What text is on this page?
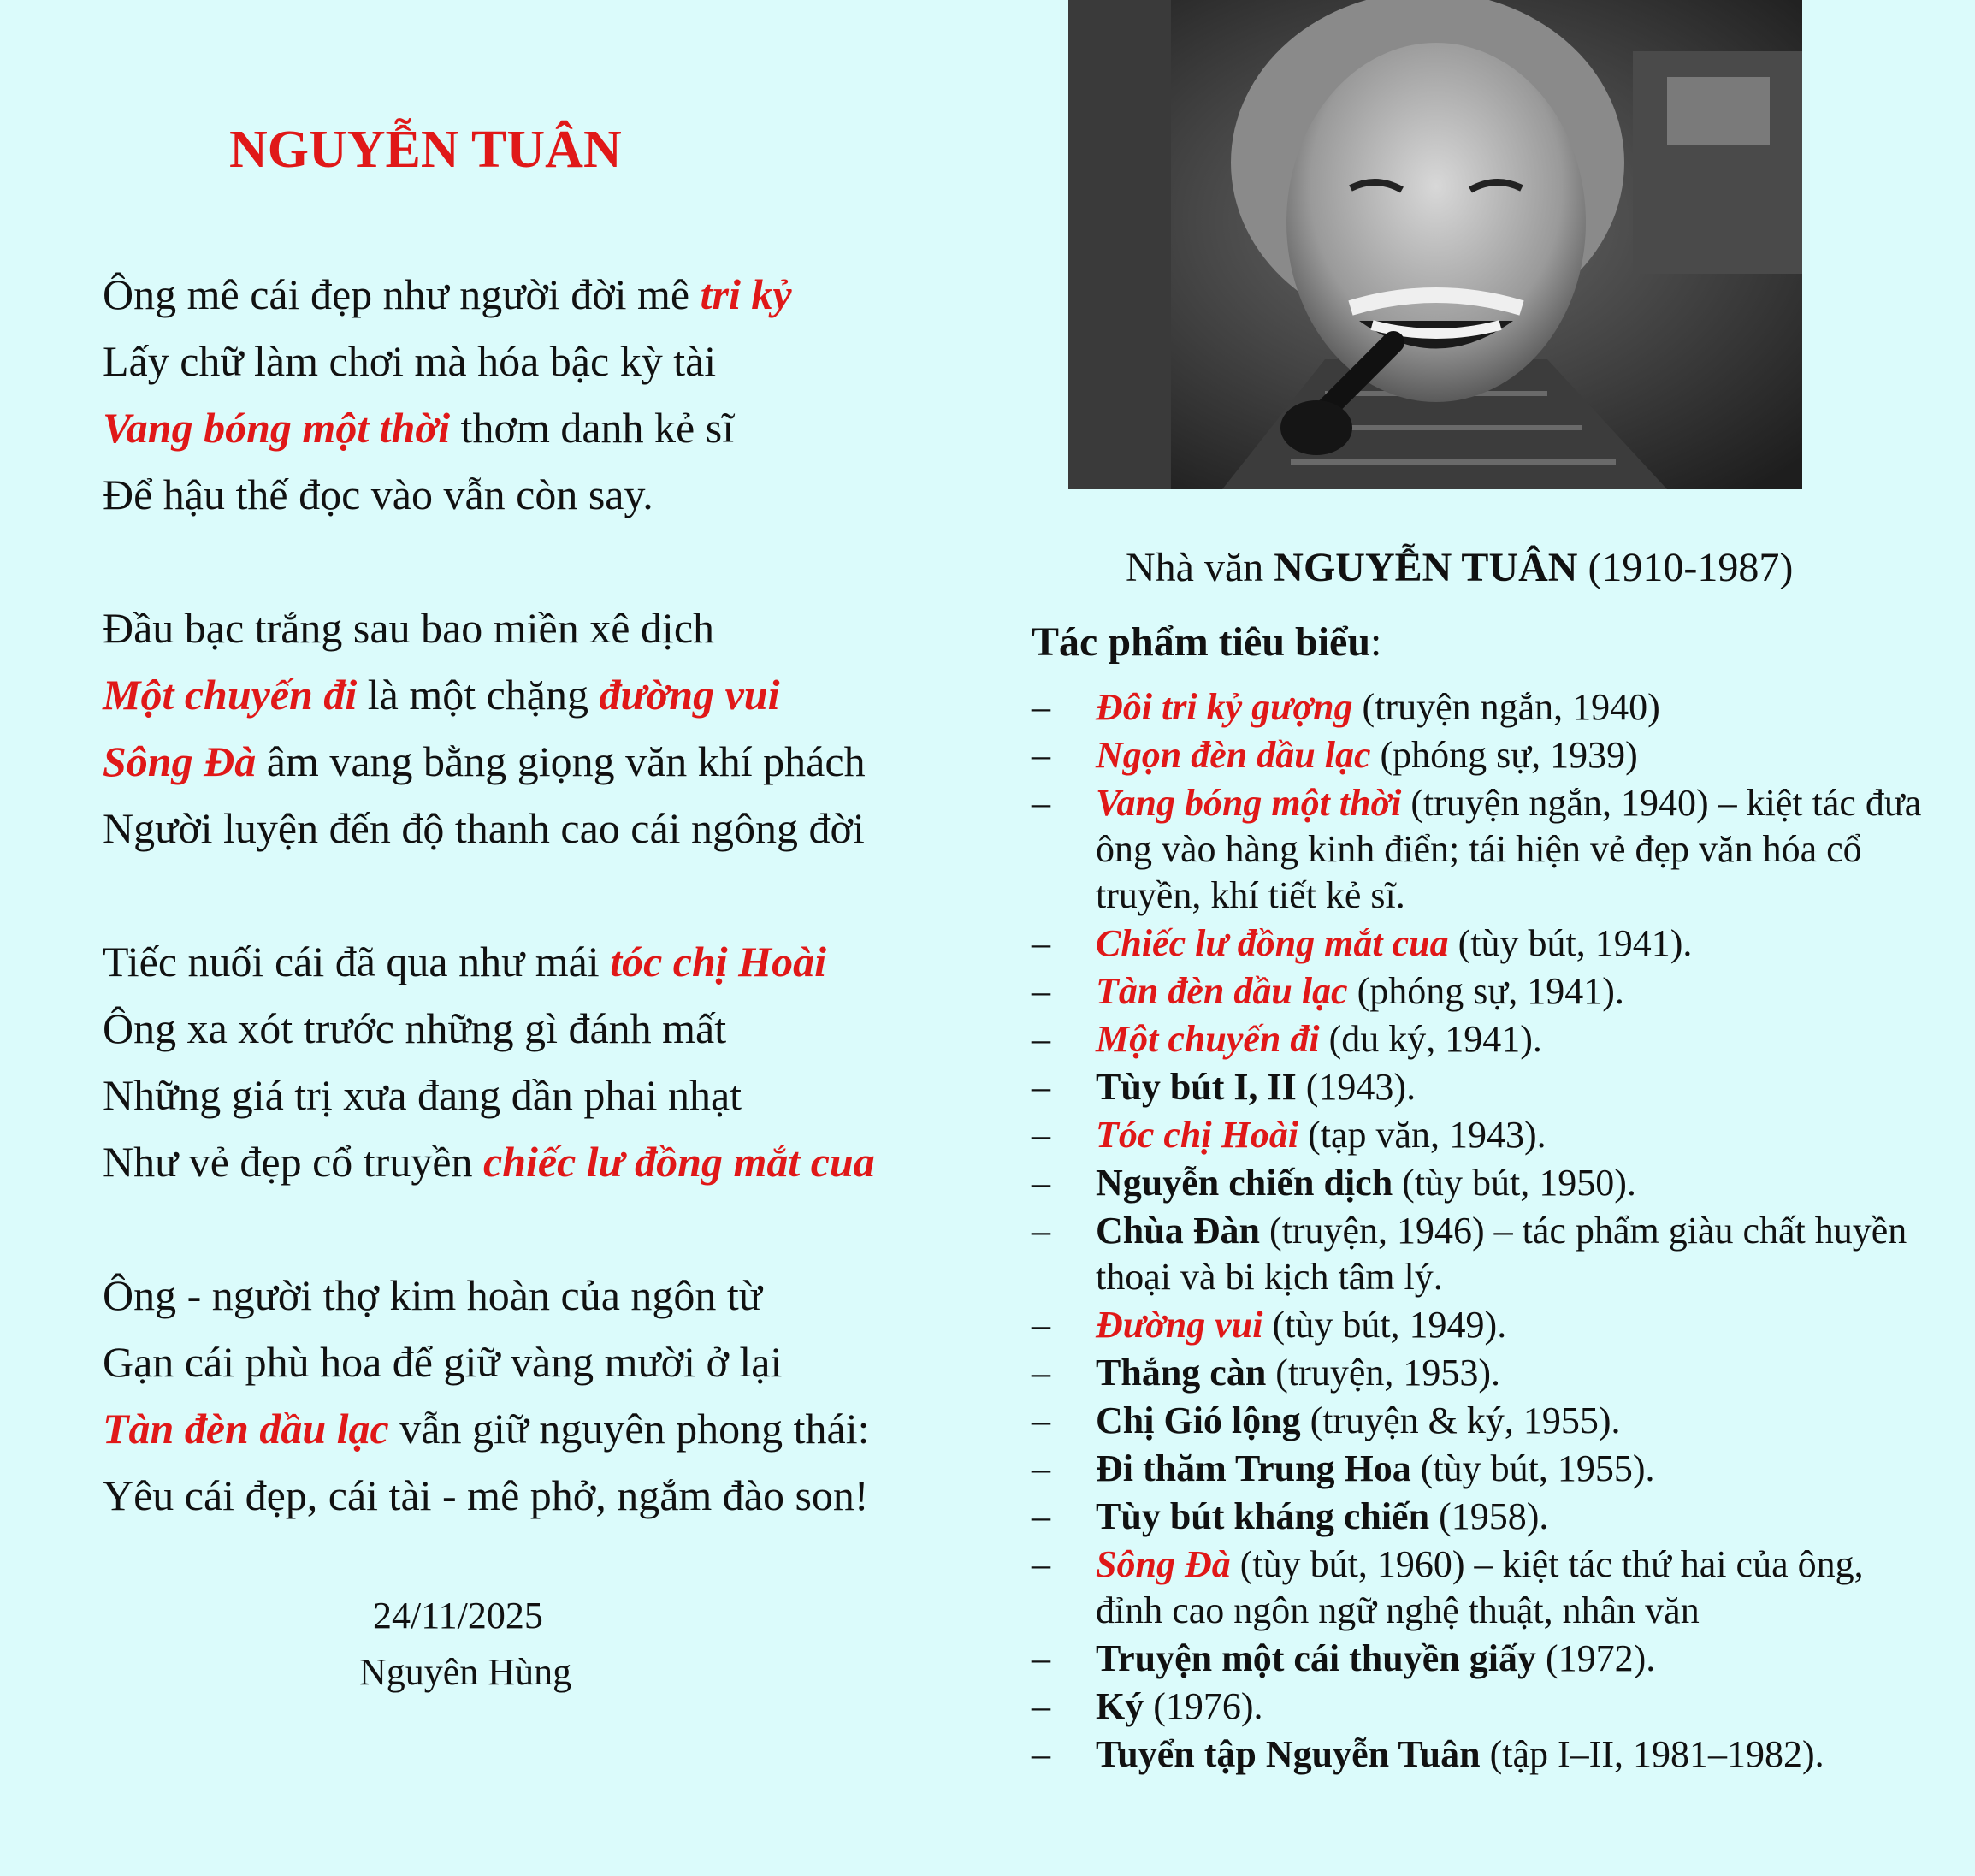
NGUYỄN TUÂN
Ông mê cái đẹp như người đời mê tri kỷ
Lấy chữ làm chơi mà hóa bậc kỳ tài
Vang bóng một thời thơm danh kẻ sĩ
Để hậu thế đọc vào vẫn còn say.
Đầu bạc trắng sau bao miền xê dịch
Một chuyến đi là một chặng đường vui
Sông Đà âm vang bằng giọng văn khí phách
Người luyện đến độ thanh cao cái ngông đời
Tiếc nuối cái đã qua như mái tóc chị Hoài
Ông xa xót trước những gì đánh mất
Những giá trị xưa đang dần phai nhạt
Như vẻ đẹp cổ truyền chiếc lư đồng mắt cua
Ông - người thợ kim hoàn của ngôn từ
Gạn cái phù hoa để giữ vàng mười ở lại
Tàn đèn dầu lạc vẫn giữ nguyên phong thái:
Yêu cái đẹp, cái tài - mê phở, ngắm đào son!
24/11/2025
Nguyên Hùng
Nhà văn NGUYỄN TUÂN (1910-1987)
Tác phẩm tiêu biểu:
– Đôi tri kỷ gượng (truyện ngắn, 1940)
– Ngọn đèn dầu lạc (phóng sự, 1939)
– Vang bóng một thời (truyện ngắn, 1940) – kiệt tác đưa ông vào hàng kinh điển; tái hiện vẻ đẹp văn hóa cổ truyền, khí tiết kẻ sĩ.
– Chiếc lư đồng mắt cua (tùy bút, 1941).
– Tàn đèn dầu lạc (phóng sự, 1941).
– Một chuyến đi (du ký, 1941).
– Tùy bút I, II (1943).
– Tóc chị Hoài (tạp văn, 1943).
– Nguyễn chiến dịch (tùy bút, 1950).
– Chùa Đàn (truyện, 1946) – tác phẩm giàu chất huyền thoại và bi kịch tâm lý.
– Đường vui (tùy bút, 1949).
– Thắng càn (truyện, 1953).
– Chị Gió lộng (truyện & ký, 1955).
– Đi thăm Trung Hoa (tùy bút, 1955).
– Tùy bút kháng chiến (1958).
– Sông Đà (tùy bút, 1960) – kiệt tác thứ hai của ông, đỉnh cao ngôn ngữ nghệ thuật, nhân văn
– Truyện một cái thuyền giấy (1972).
– Ký (1976).
– Tuyển tập Nguyễn Tuân (tập I–II, 1981–1982).
